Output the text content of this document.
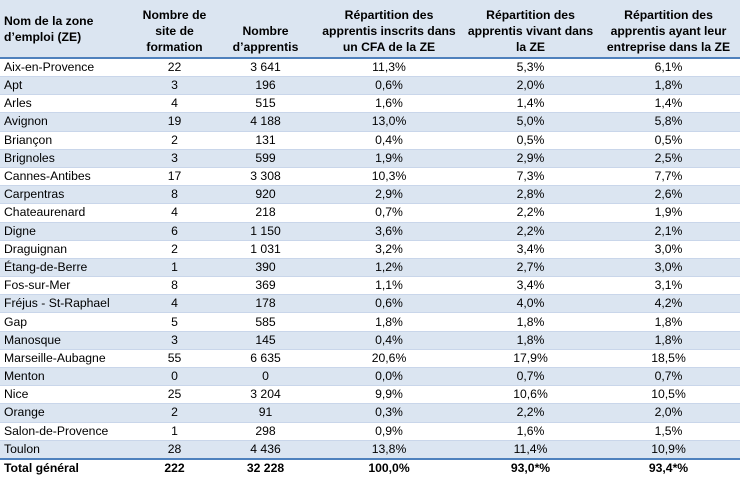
Nom de la zone d’emploi (ZE)	Nombre de site de formation	Nombre d’apprentis	Répartition des apprentis inscrits dans un CFA de la ZE	Répartition des apprentis vivant dans la ZE	Répartition des apprentis ayant leur entreprise dans la ZE
Aix-en-Provence	22	3 641	11,3%	5,3%	6,1%
Apt	3	196	0,6%	2,0%	1,8%
Arles	4	515	1,6%	1,4%	1,4%
Avignon	19	4 188	13,0%	5,0%	5,8%
Briançon	2	131	0,4%	0,5%	0,5%
Brignoles	3	599	1,9%	2,9%	2,5%
Cannes-Antibes	17	3 308	10,3%	7,3%	7,7%
Carpentras	8	920	2,9%	2,8%	2,6%
Chateaurenard	4	218	0,7%	2,2%	1,9%
Digne	6	1 150	3,6%	2,2%	2,1%
Draguignan	2	1 031	3,2%	3,4%	3,0%
Étang-de-Berre	1	390	1,2%	2,7%	3,0%
Fos-sur-Mer	8	369	1,1%	3,4%	3,1%
Fréjus - St-Raphael	4	178	0,6%	4,0%	4,2%
Gap	5	585	1,8%	1,8%	1,8%
Manosque	3	145	0,4%	1,8%	1,8%
Marseille-Aubagne	55	6 635	20,6%	17,9%	18,5%
Menton	0	0	0,0%	0,7%	0,7%
Nice	25	3 204	9,9%	10,6%	10,5%
Orange	2	91	0,3%	2,2%	2,0%
Salon-de-Provence	1	298	0,9%	1,6%	1,5%
Toulon	28	4 436	13,8%	11,4%	10,9%
Total général	222	32 228	100,0%	93,0*%	93,4*%
